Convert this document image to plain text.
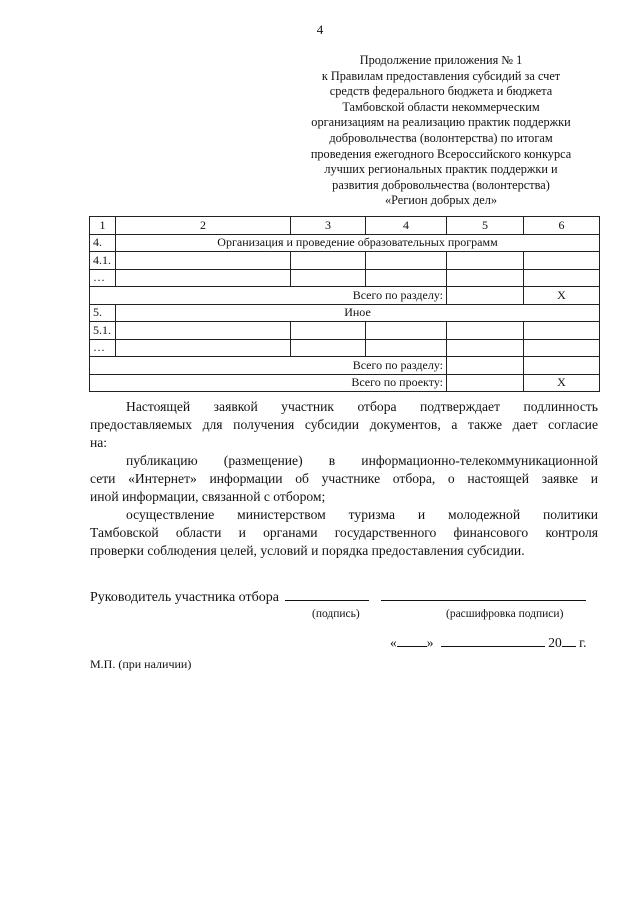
4
Продолжение приложения № 1
к Правилам предоставления субсидий за счет
средств федерального бюджета и бюджета
Тамбовской области некоммерческим
организациям на реализацию практик поддержки
добровольчества (волонтерства) по итогам
проведения ежегодного Всероссийского конкурса
лучших региональных практик поддержки и
развития добровольчества (волонтерства)
«Регион добрых дел»
1	2	3	4	5	6
4.	Организация и проведение образовательных программ				
4.1.					
…					
Всего по разделу:					X
5.	Иное				
5.1.					
…					
Всего по разделу:					
Всего по проекту:					X
Настоящей заявкой участник отбора подтверждает подлинность
предоставляемых для получения субсидии документов, а также дает согласие
на:
публикацию (размещение) в информационно-телекоммуникационной
сети «Интернет» информации об участнике отбора, о настоящей заявке и
иной информации, связанной с отбором;
осуществление министерством туризма и молодежной политики
Тамбовской области и органами государственного финансового контроля
проверки соблюдения целей, условий и порядка предоставления субсидии.
Руководитель участника отбора
(подпись)	(расшифровка подписи)
« »	20 г.
М.П. (при наличии)
